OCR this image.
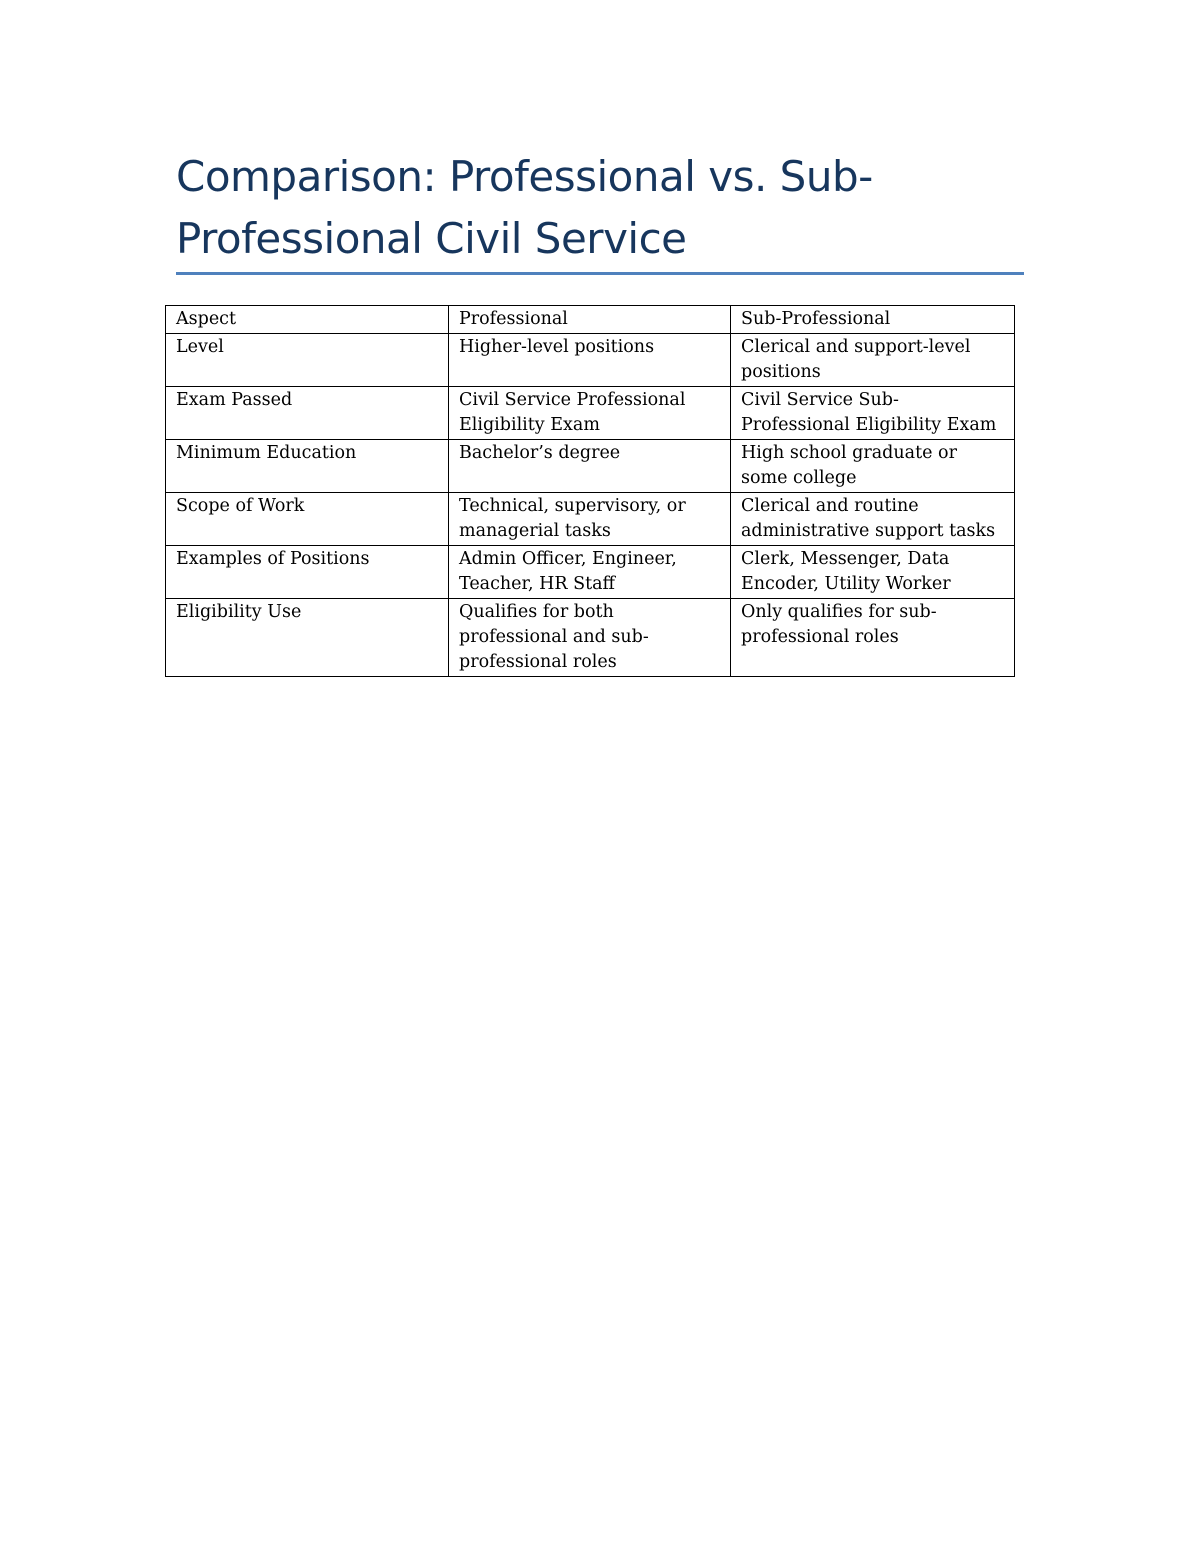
Comparison: Professional vs. Sub-Professional Civil Service
Aspect	Professional	Sub-Professional
Level	Higher-level positions	Clerical and support-level positions
Exam Passed	Civil Service Professional Eligibility Exam	Civil Service Sub-Professional Eligibility Exam
Minimum Education	Bachelor’s degree	High school graduate or some college
Scope of Work	Technical, supervisory, or managerial tasks	Clerical and routine administrative support tasks
Examples of Positions	Admin Officer, Engineer, Teacher, HR Staff	Clerk, Messenger, Data Encoder, Utility Worker
Eligibility Use	Qualifies for both professional and sub-professional roles	Only qualifies for sub-professional roles
